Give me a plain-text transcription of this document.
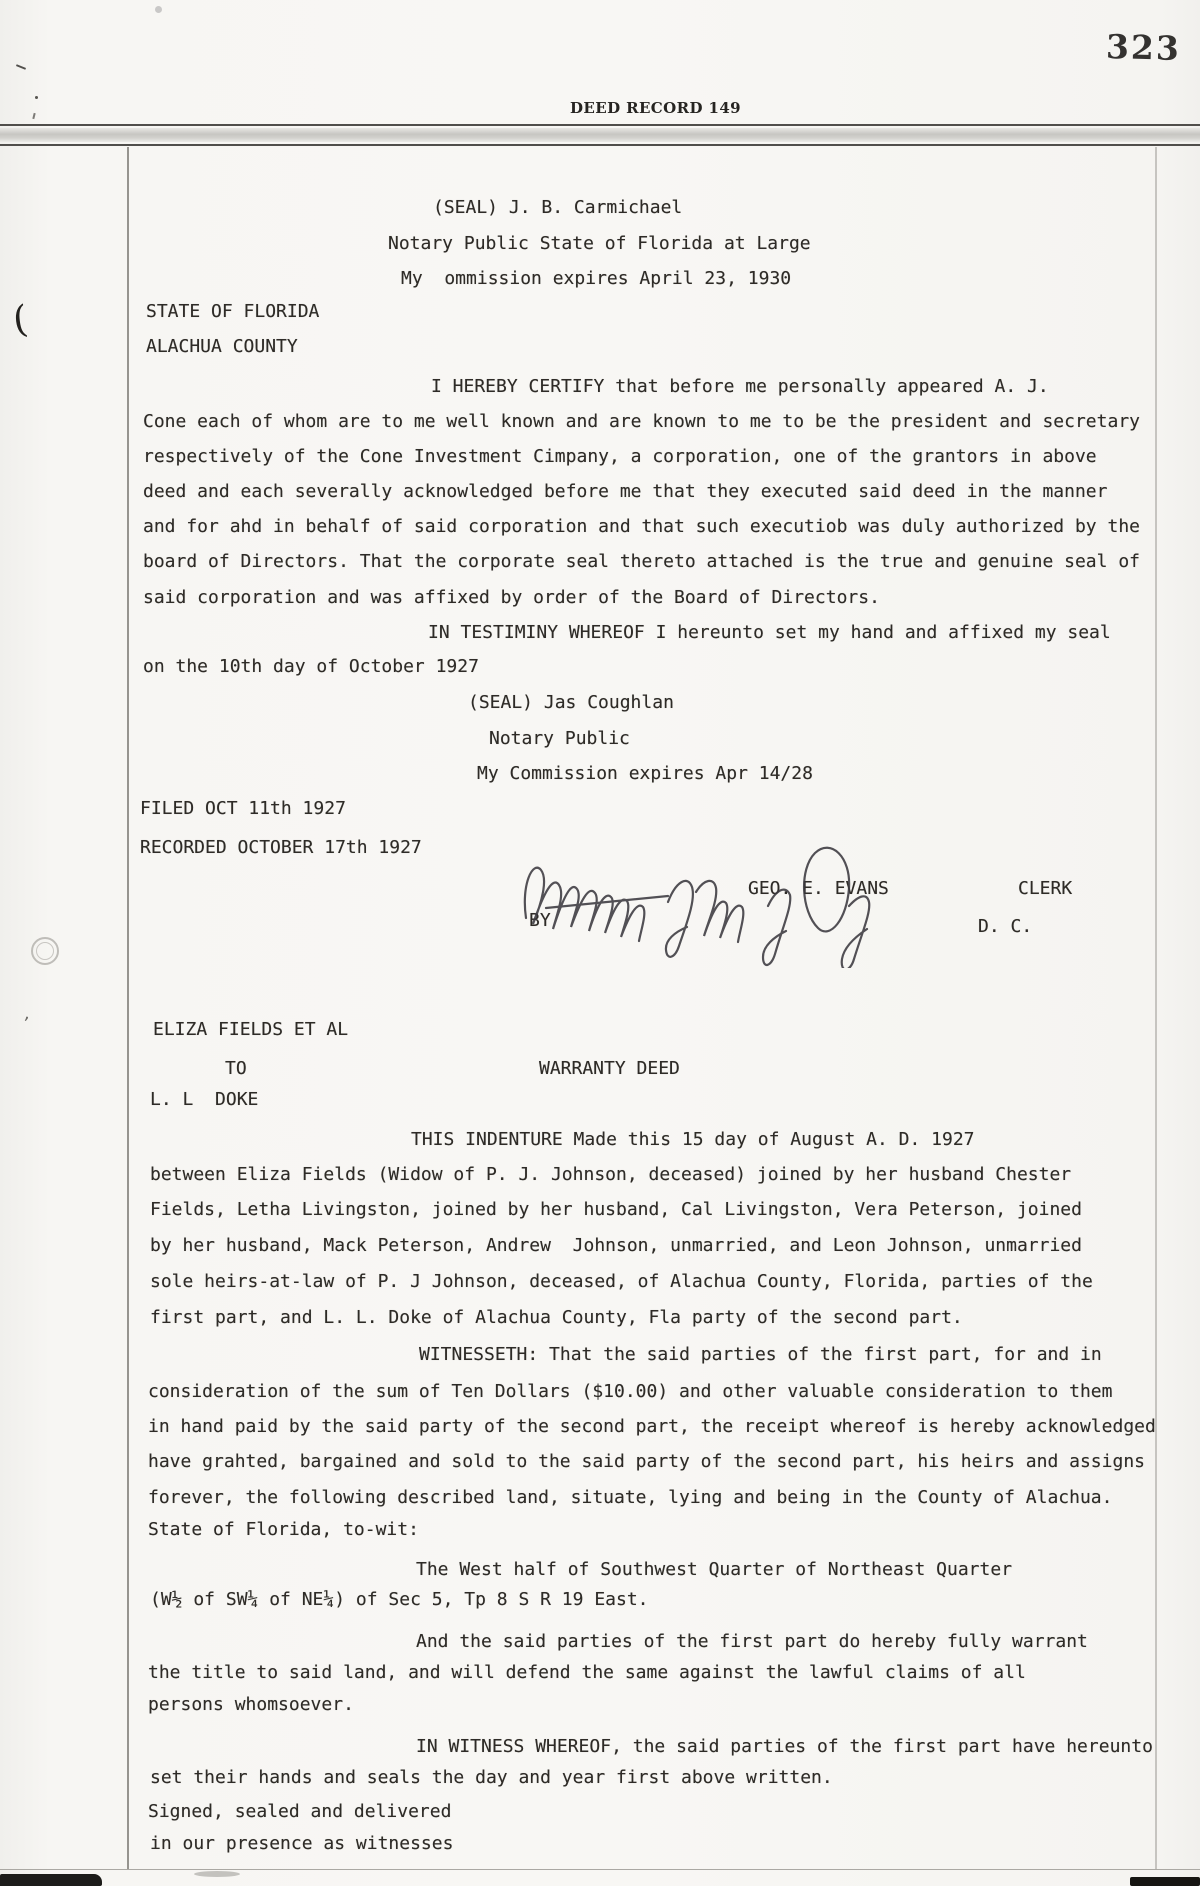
323
DEED RECORD 149
(SEAL) J. B. Carmichael
Notary Public State of Florida at Large
My  ommission expires April 23, 1930
STATE OF FLORIDA
ALACHUA COUNTY
I HEREBY CERTIFY that before me personally appeared A. J.
Cone each of whom are to me well known and are known to me to be the president and secretary
respectively of the Cone Investment Cimpany, a corporation, one of the grantors in above
deed and each severally acknowledged before me that they executed said deed in the manner
and for ahd in behalf of said corporation and that such executiob was duly authorized by the
board of Directors. That the corporate seal thereto attached is the true and genuine seal of
said corporation and was affixed by order of the Board of Directors.
IN TESTIMINY WHEREOF I hereunto set my hand and affixed my seal
on the 10th day of October 1927
(SEAL) Jas Coughlan
Notary Public
My Commission expires Apr 14/28
FILED OCT 11th 1927
RECORDED OCTOBER 17th 1927
ELIZA FIELDS ET AL
TO	WARRANTY DEED
L. L  DOKE
THIS INDENTURE Made this 15 day of August A. D. 1927
between Eliza Fields (Widow of P. J. Johnson, deceased) joined by her husband Chester
Fields, Letha Livingston, joined by her husband, Cal Livingston, Vera Peterson, joined
by her husband, Mack Peterson, Andrew  Johnson, unmarried, and Leon Johnson, unmarried
sole heirs-at-law of P. J Johnson, deceased, of Alachua County, Florida, parties of the
first part, and L. L. Doke of Alachua County, Fla party of the second part.
WITNESSETH: That the said parties of the first part, for and in
consideration of the sum of Ten Dollars ($10.00) and other valuable consideration to them
in hand paid by the said party of the second part, the receipt whereof is hereby acknowledged
have grahted, bargained and sold to the said party of the second part, his heirs and assigns
forever, the following described land, situate, lying and being in the County of Alachua.
State of Florida, to-wit:
The West half of Southwest Quarter of Northeast Quarter
(W½ of SW¼ of NE¼) of Sec 5, Tp 8 S R 19 East.
And the said parties of the first part do hereby fully warrant
the title to said land, and will defend the same against the lawful claims of all
persons whomsoever.
IN WITNESS WHEREOF, the said parties of the first part have hereunto
set their hands and seals the day and year first above written.
Signed, sealed and delivered
in our presence as witnesses
GEO. E. EVANS	CLERK
BY	D. C.
(
,
